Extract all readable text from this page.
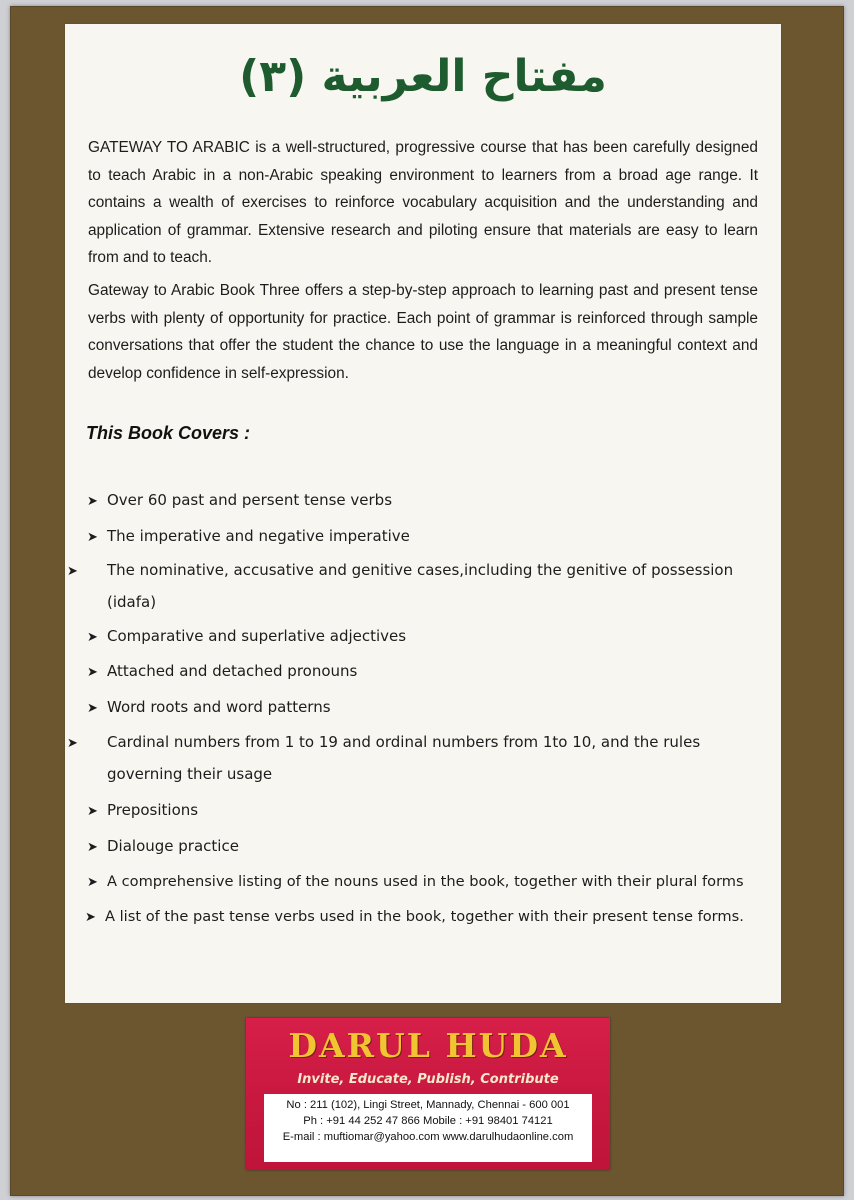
مفتاح العربية (٣)

GATEWAY TO ARABIC is a well-structured, progressive course that has been carefully designed to teach Arabic in a non-Arabic speaking environment to learners from a broad age range. It contains a wealth of exercises to reinforce vocabulary acquisition and the understanding and application of grammar. Extensive research and piloting ensure that materials are easy to learn from and to teach.

Gateway to Arabic Book Three offers a step-by-step approach to learning past and present tense verbs with plenty of opportunity for practice. Each point of grammar is reinforced through sample conversations that offer the student the chance to use the language in a meaningful context and develop confidence in self-expression.

This Book Covers :
➤ Over 60 past and persent tense verbs
➤ The imperative and negative imperative
➤ The nominative, accusative and genitive cases,including the genitive of possession (idafa)
➤ Comparative and superlative adjectives
➤ Attached and detached pronouns
➤ Word roots and word patterns
➤ Cardinal numbers from 1 to 19 and ordinal numbers from 1to 10, and the rules governing their usage
➤ Prepositions
➤ Dialouge practice
➤ A comprehensive listing of the nouns used in the book, together with their plural forms
➤ A list of the past tense verbs used in the book, together with their present tense forms.
DARUL HUDA
Invite, Educate, Publish, Contribute
No : 211 (102), Lingi Street, Mannady, Chennai - 600 001
Ph : +91 44 252 47 866 Mobile : +91 98401 74121
E-mail : muftiomar@yahoo.com www.darulhudaonline.com
